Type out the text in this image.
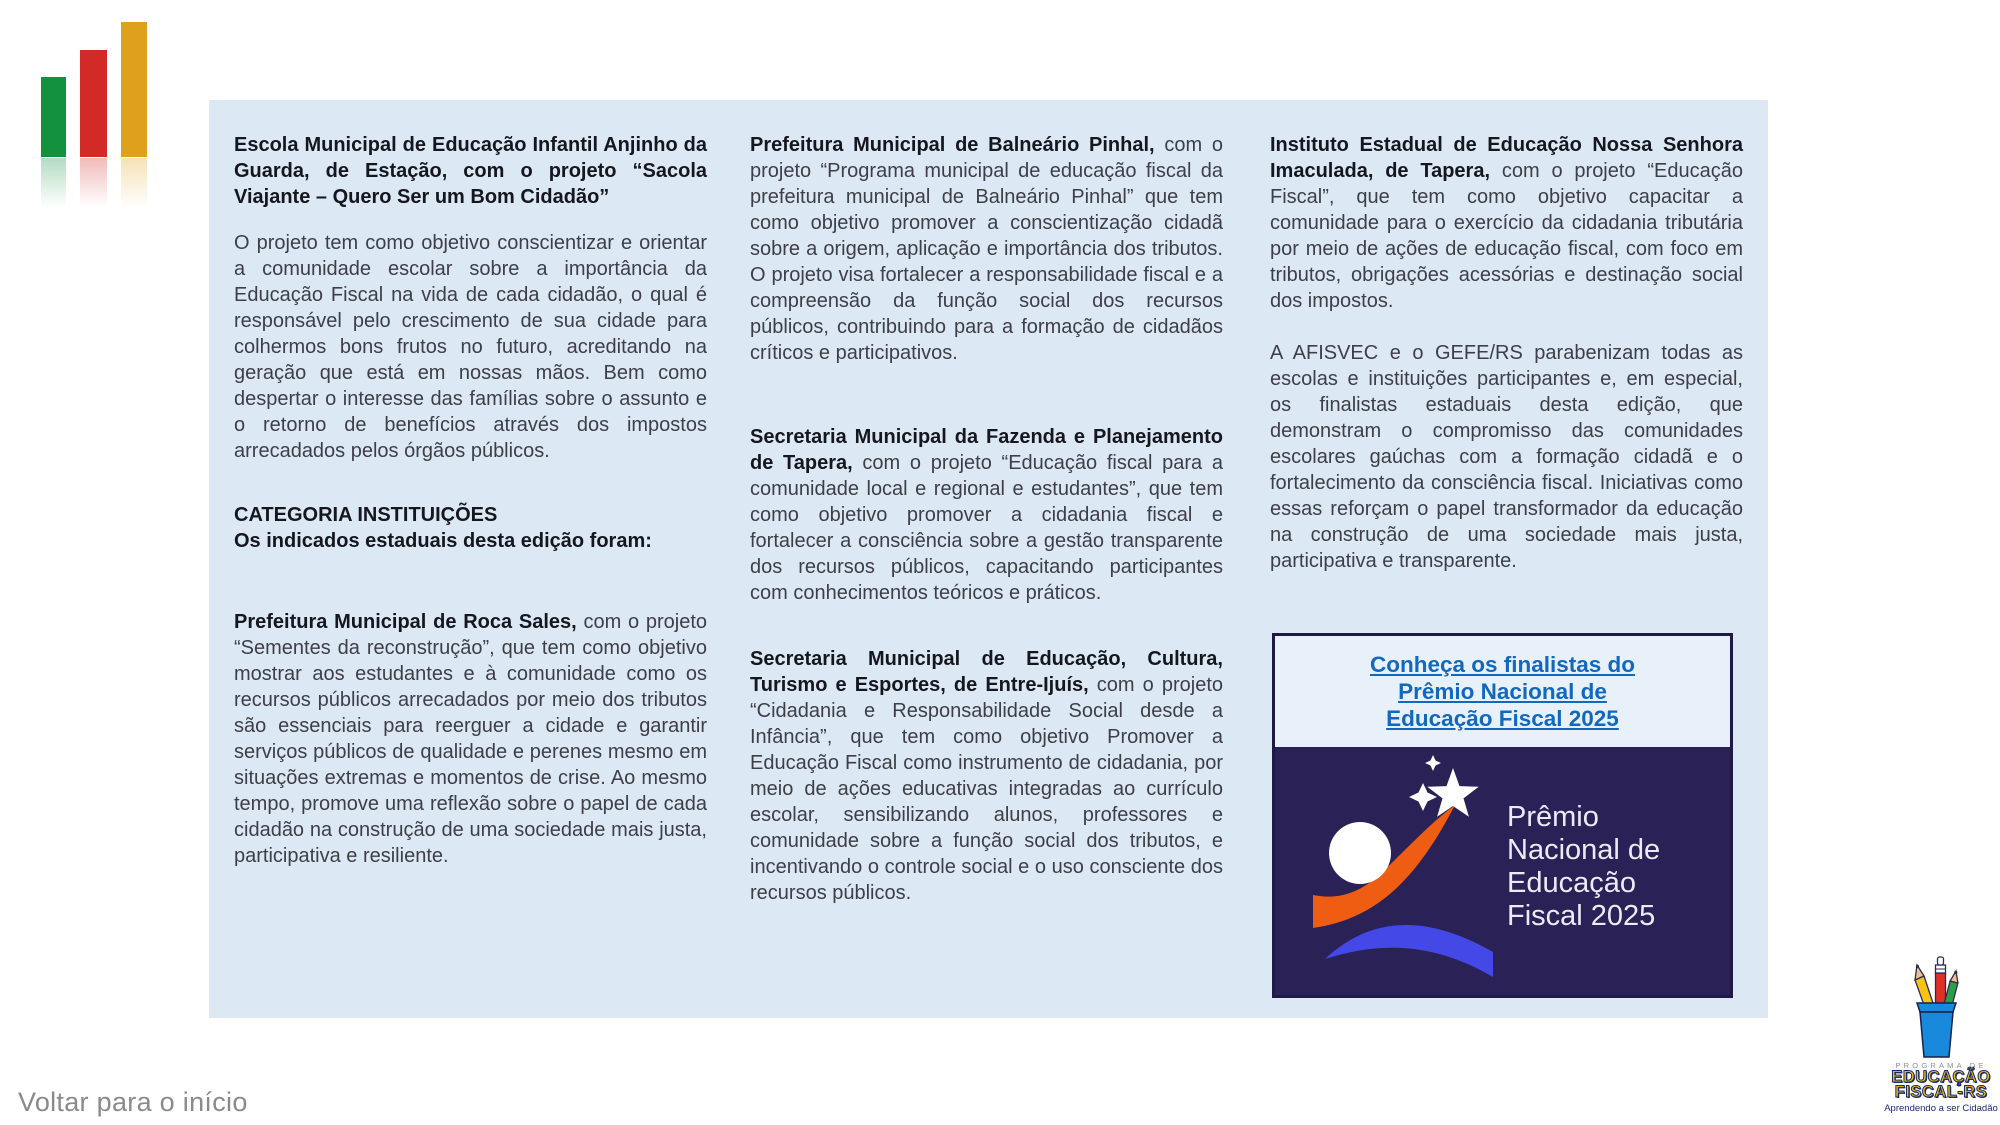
Escola Municipal de Educação Infantil Anjinho da Guarda, de Estação, com o projeto “Sacola Viajante – Quero Ser um Bom Cidadão”

O projeto tem como objetivo conscientizar e orientar a comunidade escolar sobre a importância da Educação Fiscal na vida de cada cidadão, o qual é responsável pelo crescimento de sua cidade para colhermos bons frutos no futuro, acreditando na geração que está em nossas mãos. Bem como despertar o interesse das famílias sobre o assunto e o retorno de benefícios através dos impostos arrecadados pelos órgãos públicos.

CATEGORIA INSTITUIÇÕES

Os indicados estaduais desta edição foram:

Prefeitura Municipal de Roca Sales, com o projeto “Sementes da reconstrução”, que tem como objetivo mostrar aos estudantes e à comunidade como os recursos públicos arrecadados por meio dos tributos são essenciais para reerguer a cidade e garantir serviços públicos de qualidade e perenes mesmo em situações extremas e momentos de crise. Ao mesmo tempo, promove uma reflexão sobre o papel de cada cidadão na construção de uma sociedade mais justa, participativa e resiliente.

Prefeitura Municipal de Balneário Pinhal, com o projeto “Programa municipal de educação fiscal da prefeitura municipal de Balneário Pinhal” que tem como objetivo promover a conscientização cidadã sobre a origem, aplicação e importância dos tributos. O projeto visa fortalecer a responsabilidade fiscal e a compreensão da função social dos recursos públicos, contribuindo para a formação de cidadãos críticos e participativos.

Secretaria Municipal da Fazenda e Planejamento de Tapera, com o projeto “Educação fiscal para a comunidade local e regional e estudantes”, que tem como objetivo promover a cidadania fiscal e fortalecer a consciência sobre a gestão transparente dos recursos públicos, capacitando participantes com conhecimentos teóricos e práticos.

Secretaria Municipal de Educação, Cultura, Turismo e Esportes, de Entre-Ijuís, com o projeto “Cidadania e Responsabilidade Social desde a Infância”, que tem como objetivo Promover a Educação Fiscal como instrumento de cidadania, por meio de ações educativas integradas ao currículo escolar, sensibilizando alunos, professores e comunidade sobre a função social dos tributos, e incentivando o controle social e o uso consciente dos recursos públicos.

Instituto Estadual de Educação Nossa Senhora Imaculada, de Tapera, com o projeto “Educação Fiscal”, que tem como objetivo capacitar a comunidade para o exercício da cidadania tributária por meio de ações de educação fiscal, com foco em tributos, obrigações acessórias e destinação social dos impostos.

A AFISVEC e o GEFE/RS parabenizam todas as escolas e instituições participantes e, em especial, os finalistas estaduais desta edição, que demonstram o compromisso das comunidades escolares gaúchas com a formação cidadã e o fortalecimento da consciência fiscal. Iniciativas como essas reforçam o papel transformador da educação na construção de uma sociedade mais justa, participativa e transparente.

Conheça os finalistas do
Prêmio Nacional de
Educação Fiscal 2025
Prêmio
Nacional de
Educação
Fiscal 2025
Voltar para o início
PROGRAMA DE
EDUCAÇÃO
FISCAL-RS
Aprendendo a ser Cidadão
